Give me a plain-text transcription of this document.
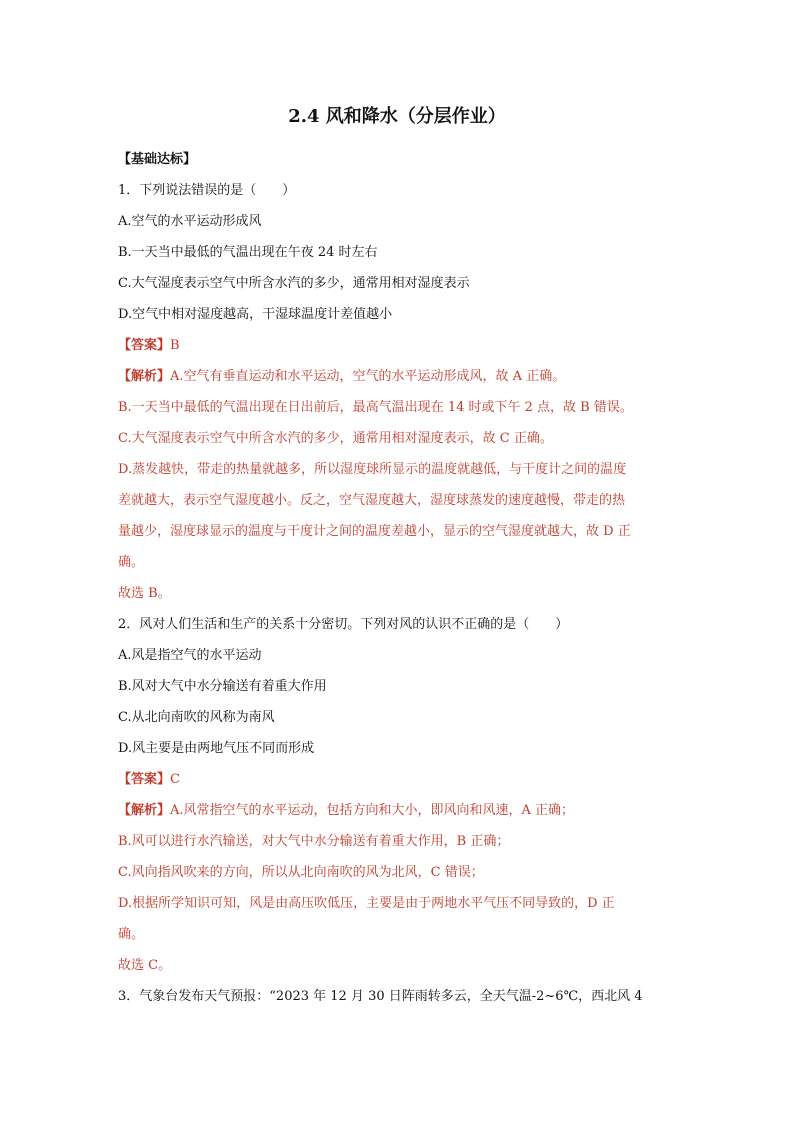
2.4 风和降水（分层作业）
【基础达标】
1．下列说法错误的是（　　）
A.空气的水平运动形成风
B.一天当中最低的气温出现在午夜 24 时左右
C.大气湿度表示空气中所含水汽的多少，通常用相对湿度表示
D.空气中相对湿度越高，干湿球温度计差值越小
【答案】B
【解析】A.空气有垂直运动和水平运动，空气的水平运动形成风，故 A 正确。
B.一天当中最低的气温出现在日出前后，最高气温出现在 14 时或下午 2 点，故 B 错误。
C.大气湿度表示空气中所含水汽的多少，通常用相对湿度表示，故 C 正确。
D.蒸发越快，带走的热量就越多，所以湿度球所显示的温度就越低，与干度计之间的温度
差就越大，表示空气湿度越小。反之，空气湿度越大，湿度球蒸发的速度越慢，带走的热
量越少，湿度球显示的温度与干度计之间的温度差越小，显示的空气湿度就越大，故 D 正
确。
故选 B。
2．风对人们生活和生产的关系十分密切。下列对风的认识不正确的是（　　）
A.风是指空气的水平运动
B.风对大气中水分输送有着重大作用
C.从北向南吹的风称为南风
D.风主要是由两地气压不同而形成
【答案】C
【解析】A.风常指空气的水平运动，包括方向和大小，即风向和风速，A 正确；
B.风可以进行水汽输送，对大气中水分输送有着重大作用，B 正确；
C.风向指风吹来的方向，所以从北向南吹的风为北风，C 错误；
D.根据所学知识可知，风是由高压吹低压，主要是由于两地水平气压不同导致的，D 正
确。
故选 C。
3．气象台发布天气预报：“2023 年 12 月 30 日阵雨转多云，全天气温-2~6℃，西北风 4
